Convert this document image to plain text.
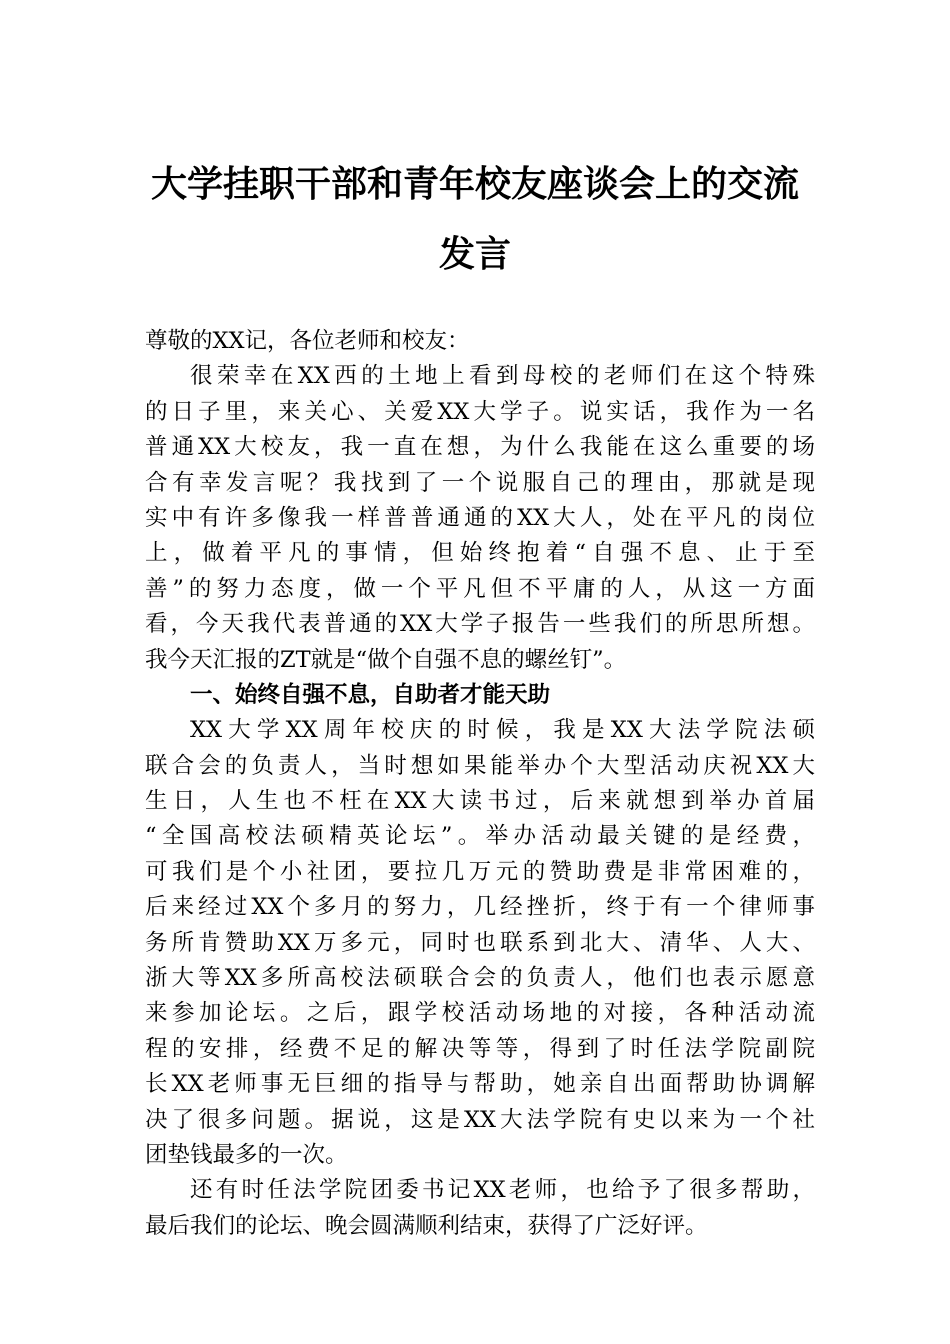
大学挂职干部和青年校友座谈会上的交流
发言
尊敬的XX记，各位老师和校友：
很荣幸在XX西的土地上看到母校的老师们在这个特殊
的日子里，来关心、关爱XX大学子。说实话，我作为一名
普通XX大校友，我一直在想，为什么我能在这么重要的场
合有幸发言呢？我找到了一个说服自己的理由，那就是现
实中有许多像我一样普普通通的XX大人，处在平凡的岗位
上，做着平凡的事情，但始终抱着“自强不息、止于至
善”的努力态度，做一个平凡但不平庸的人，从这一方面
看，今天我代表普通的XX大学子报告一些我们的所思所想。
我今天汇报的ZT就是“做个自强不息的螺丝钉”。
一、始终自强不息，自助者才能天助
XX大学XX周年校庆的时候，我是XX大法学院法硕
联合会的负责人，当时想如果能举办个大型活动庆祝XX大
生日，人生也不枉在XX大读书过，后来就想到举办首届
“全国高校法硕精英论坛”。举办活动最关键的是经费，
可我们是个小社团，要拉几万元的赞助费是非常困难的，
后来经过XX个多月的努力，几经挫折，终于有一个律师事
务所肯赞助XX万多元，同时也联系到北大、清华、人大、
浙大等XX多所高校法硕联合会的负责人，他们也表示愿意
来参加论坛。之后，跟学校活动场地的对接，各种活动流
程的安排，经费不足的解决等等，得到了时任法学院副院
长XX老师事无巨细的指导与帮助，她亲自出面帮助协调解
决了很多问题。据说，这是XX大法学院有史以来为一个社
团垫钱最多的一次。
还有时任法学院团委书记XX老师，也给予了很多帮助，
最后我们的论坛、晚会圆满顺利结束，获得了广泛好评。
